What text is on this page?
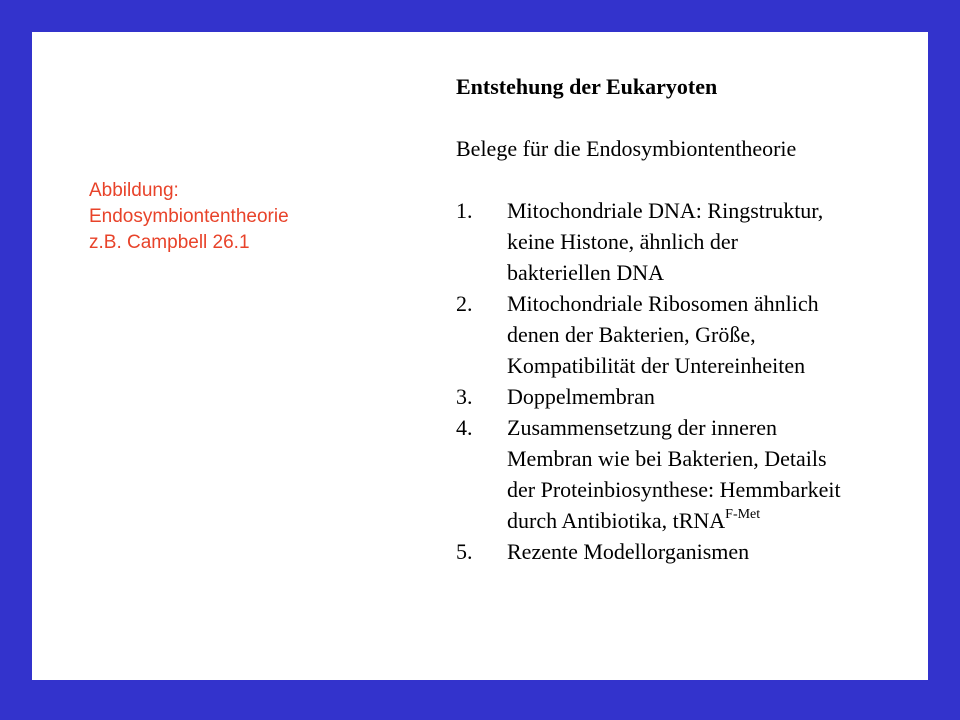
Abbildung:
Endosymbiontentheorie
z.B. Campbell 26.1

Entstehung der Eukaryoten

Belege für die Endosymbiontentheorie

1. Mitochondriale DNA: Ringstruktur,
keine Histone, ähnlich der
bakteriellen DNA
2. Mitochondriale Ribosomen ähnlich
denen der Bakterien, Größe,
Kompatibilität der Untereinheiten
3. Doppelmembran
4. Zusammensetzung der inneren
Membran wie bei Bakterien, Details
der Proteinbiosynthese: Hemmbarkeit
durch Antibiotika, tRNA$^{F-Met}$
5. Rezente Modellorganismen
